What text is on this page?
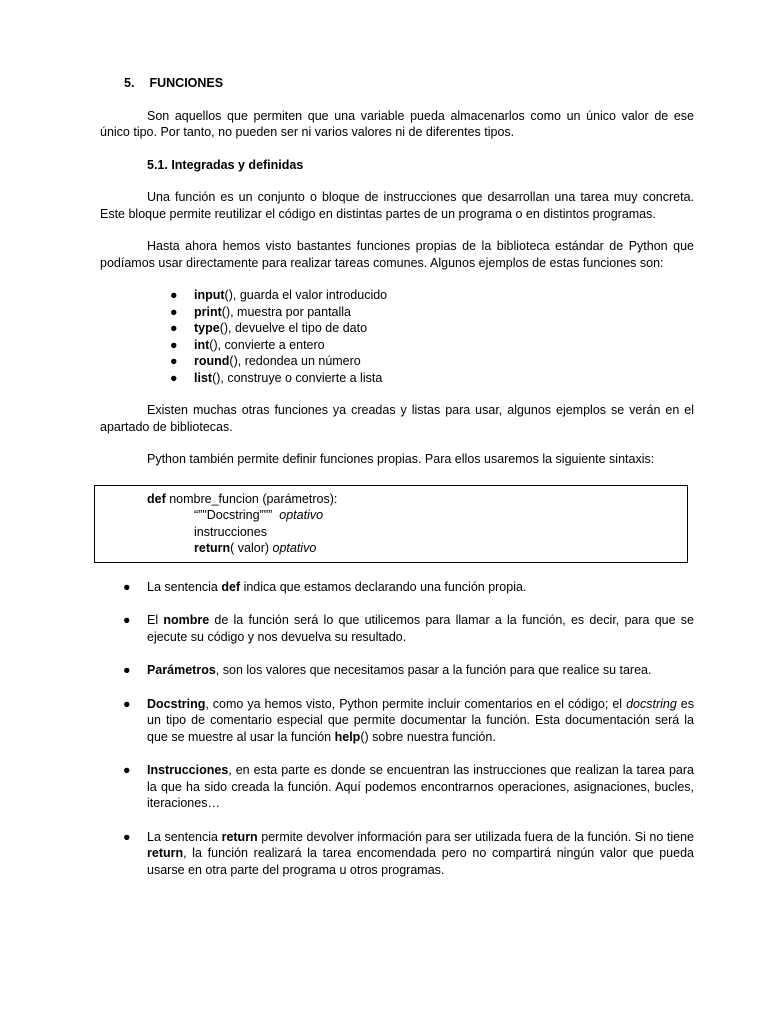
5. FUNCIONES

Son aquellos que permiten que una variable pueda almacenarlos como un único valor de ese único tipo. Por tanto, no pueden ser ni varios valores ni de diferentes tipos.

5.1. Integradas y definidas

Una función es un conjunto o bloque de instrucciones que desarrollan una tarea muy concreta. Este bloque permite reutilizar el código en distintas partes de un programa o en distintos programas.

Hasta ahora hemos visto bastantes funciones propias de la biblioteca estándar de Python que podíamos usar directamente para realizar tareas comunes. Algunos ejemplos de estas funciones son:

● input(), guarda el valor introducido
● print(), muestra por pantalla
● type(), devuelve el tipo de dato
● int(), convierte a entero
● round(), redondea un número
● list(), construye o convierte a lista

Existen muchas otras funciones ya creadas y listas para usar, algunos ejemplos se verán en el apartado de bibliotecas.

Python también permite definir funciones propias. Para ellos usaremos la siguiente sintaxis:

def nombre_funcion (parámetros):
“”"Docstring”"”  optativo
instrucciones
return( valor) optativo
● La sentencia def indica que estamos declarando una función propia.
● El nombre de la función será lo que utilicemos para llamar a la función, es decir, para que se ejecute su código y nos devuelva su resultado.
● Parámetros, son los valores que necesitamos pasar a la función para que realice su tarea.
● Docstring, como ya hemos visto, Python permite incluir comentarios en el código; el docstring es un tipo de comentario especial que permite documentar la función. Esta documentación será la que se muestre al usar la función help() sobre nuestra función.
● Instrucciones, en esta parte es donde se encuentran las instrucciones que realizan la tarea para la que ha sido creada la función. Aquí podemos encontrarnos operaciones, asignaciones, bucles, iteraciones…
● La sentencia return permite devolver información para ser utilizada fuera de la función. Si no tiene return, la función realizará la tarea encomendada pero no compartirá ningún valor que pueda usarse en otra parte del programa u otros programas.
